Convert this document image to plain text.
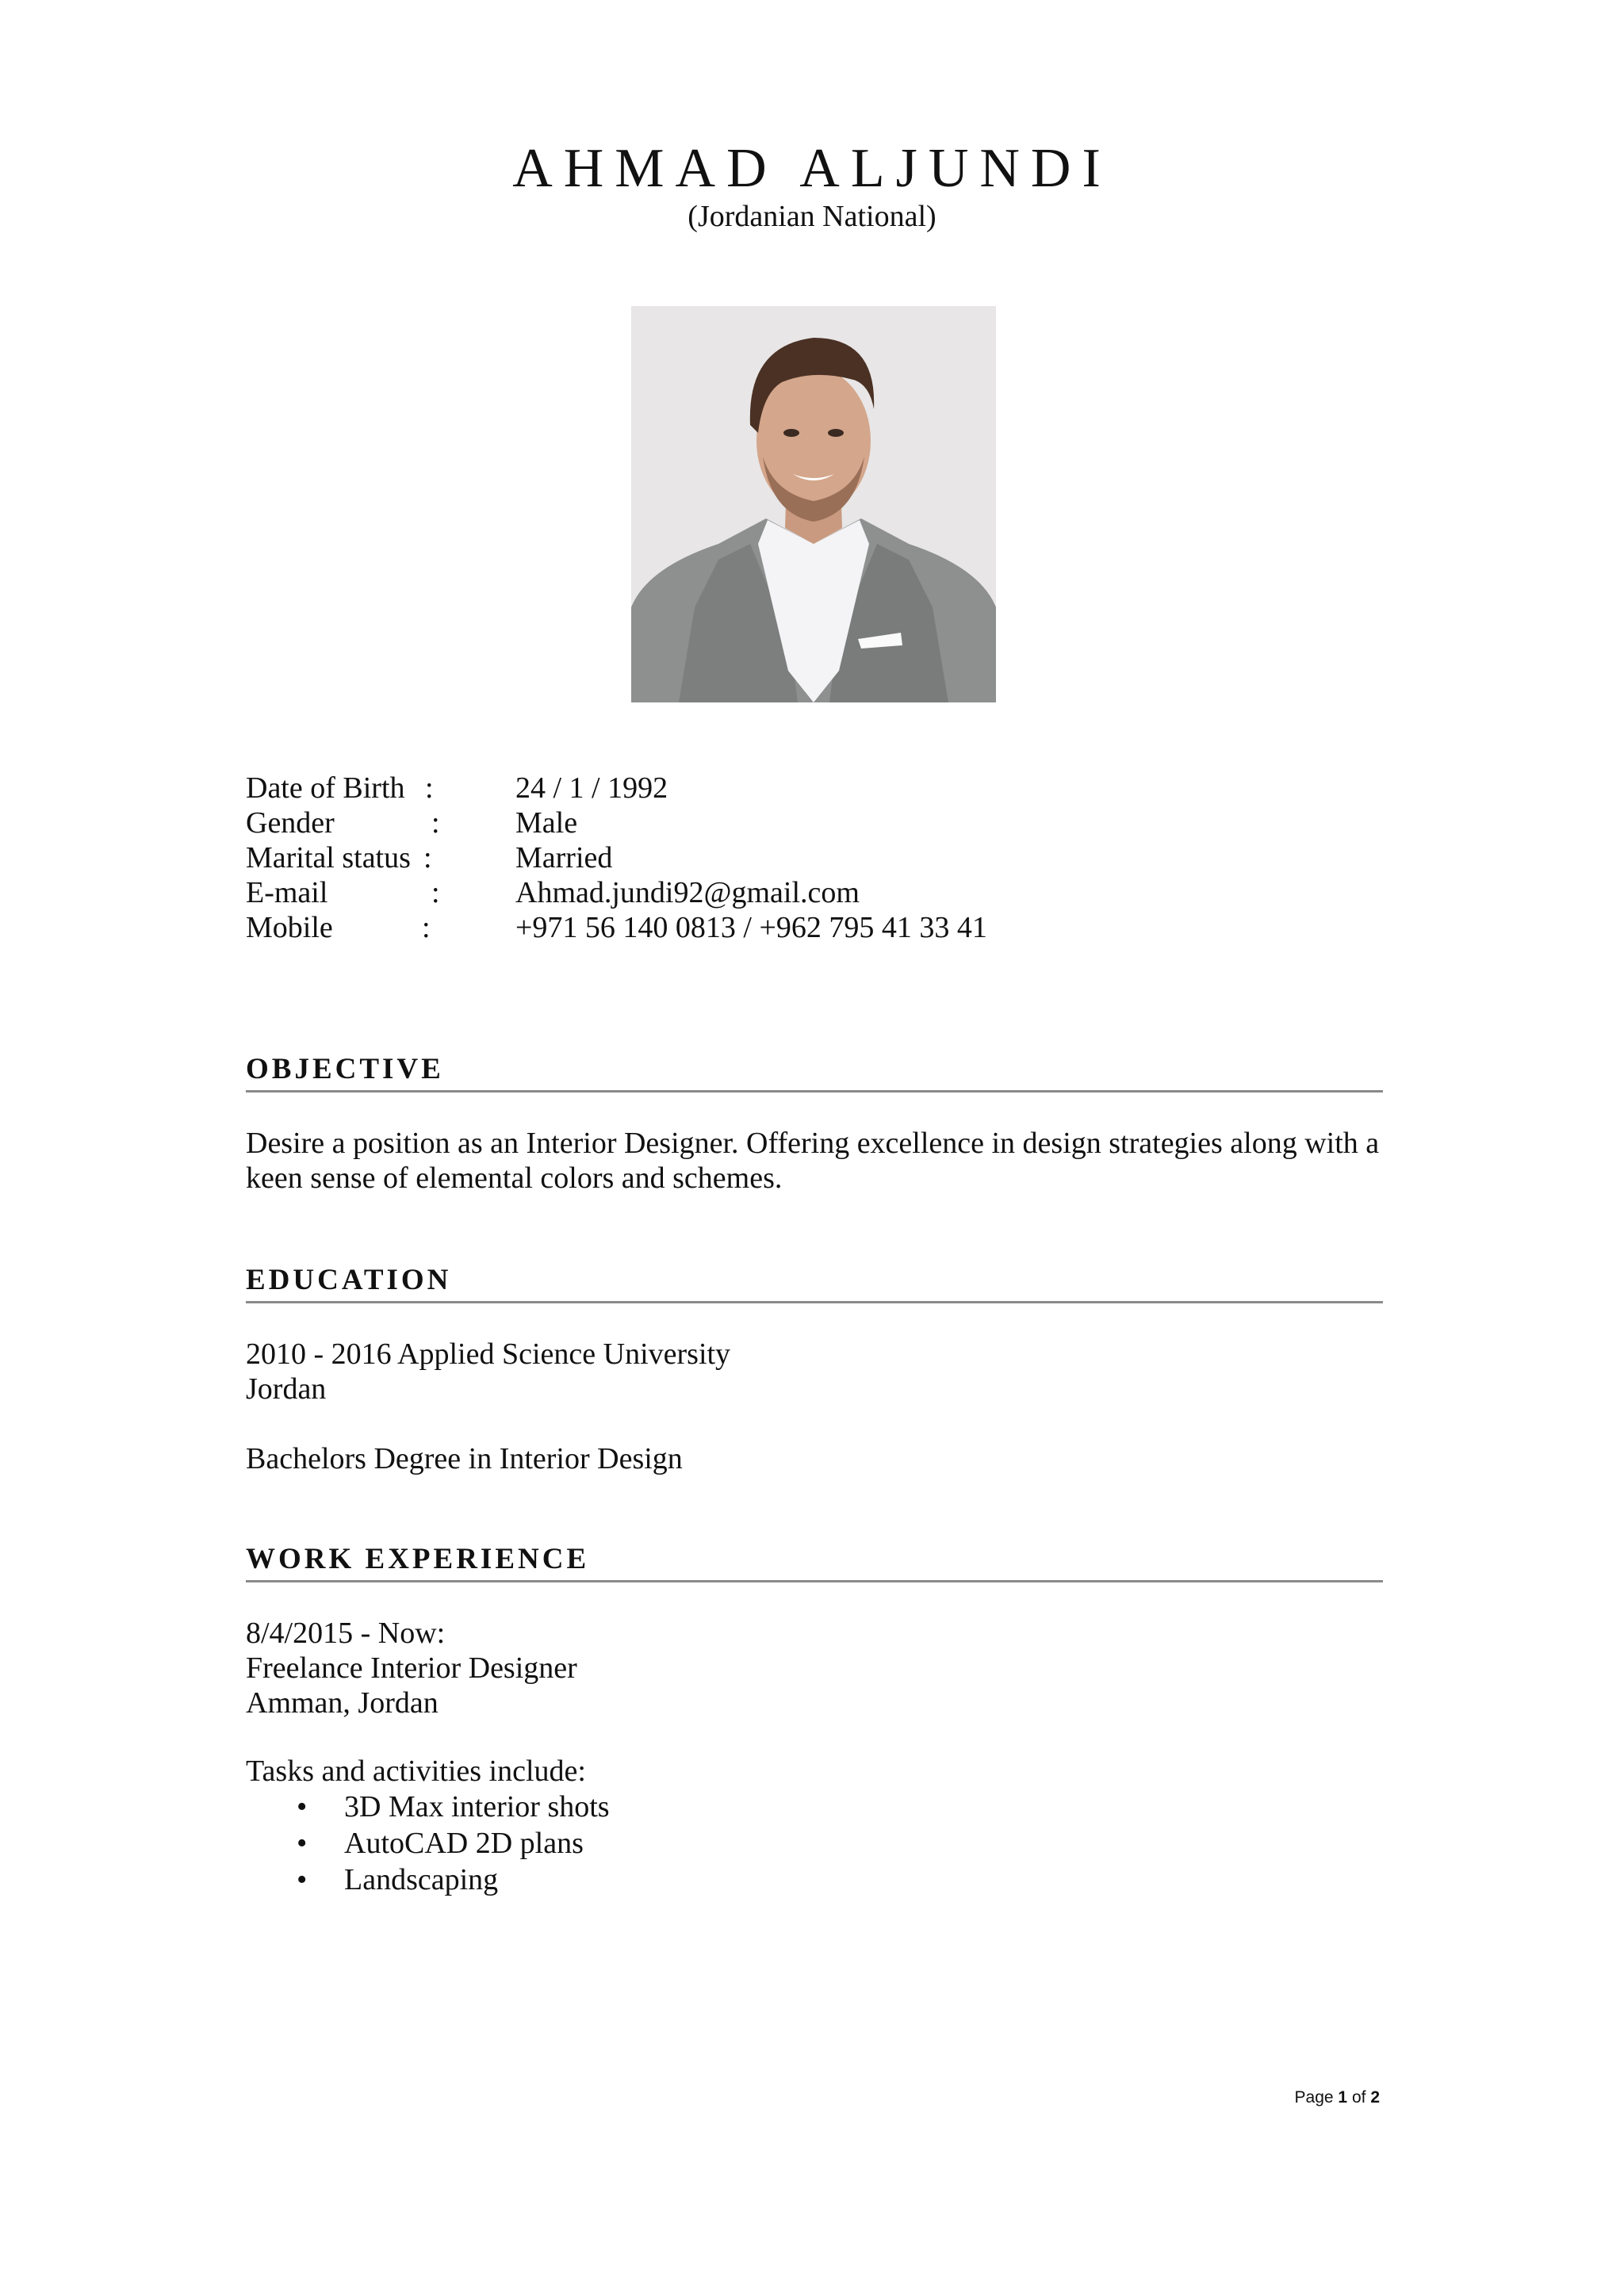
AHMAD ALJUNDI
(Jordanian National)
Date of Birth :	24 / 1 / 1992
Gender	:	Male
Marital status :	Married
E-mail	:	Ahmad.jundi92@gmail.com
Mobile	:	+971 56 140 0813 / +962 795 41 33 41
OBJECTIVE

Desire a position as an Interior Designer. Offering excellence in design strategies along with a

keen sense of elemental colors and schemes.

EDUCATION

2010 - 2016 Applied Science University

Jordan

Bachelors Degree in Interior Design

WORK EXPERIENCE

8/4/2015 - Now:

Freelance Interior Designer

Amman, Jordan

Tasks and activities include:

• 3D Max interior shots
• AutoCAD 2D plans
• Landscaping
Page 1 of 2
